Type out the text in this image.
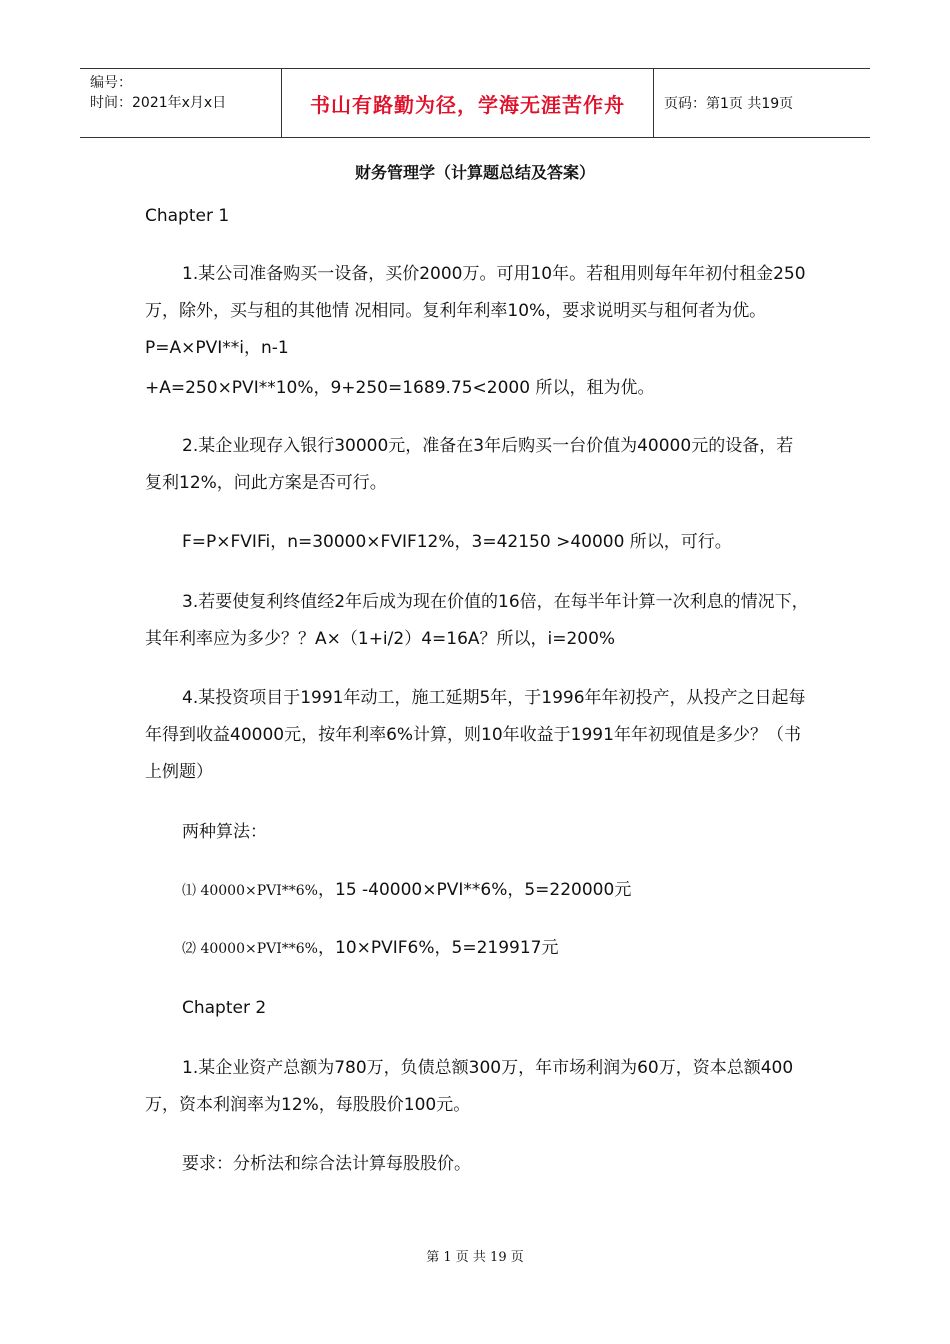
编号：
时间：2021年x月x日	书山有路勤为径，学海无涯苦作舟	页码：第1页 共19页
财务管理学（计算题总结及答案）

Chapter 1

1.某公司准备购买一设备，买价2000万。可用10年。若租用则每年年初付租金250万，除外，买与租的其他情 况相同。复利年利率10%，要求说明买与租何者为优。P=A×PVI**i，n-1

+A=250×PVI**10%，9+250=1689.75<2000 所以，租为优。

2.某企业现存入银行30000元，准备在3年后购买一台价值为40000元的设备，若复利12%，问此方案是否可行。

F=P×FVIFi，n=30000×FVIF12%，3=42150 >40000 所以，可行。

3.若要使复利终值经2年后成为现在价值的16倍，在每半年计算一次利息的情况下，其年利率应为多少？？A×（1+i/2）4=16A？所以，i=200%

4.某投资项目于1991年动工，施工延期5年，于1996年年初投产，从投产之日起每年得到收益40000元，按年利率6%计算，则10年收益于1991年年初现值是多少？（书上例题）

两种算法：

⑴ 40000×PVI**6%，15 -40000×PVI**6%，5=220000元

⑵ 40000×PVI**6%，10×PVIF6%，5=219917元

Chapter 2

1.某企业资产总额为780万，负债总额300万，年市场利润为60万，资本总额400万，资本利润率为12%，每股股价100元。

要求：分析法和综合法计算每股股价。

第 1 页 共 19 页
